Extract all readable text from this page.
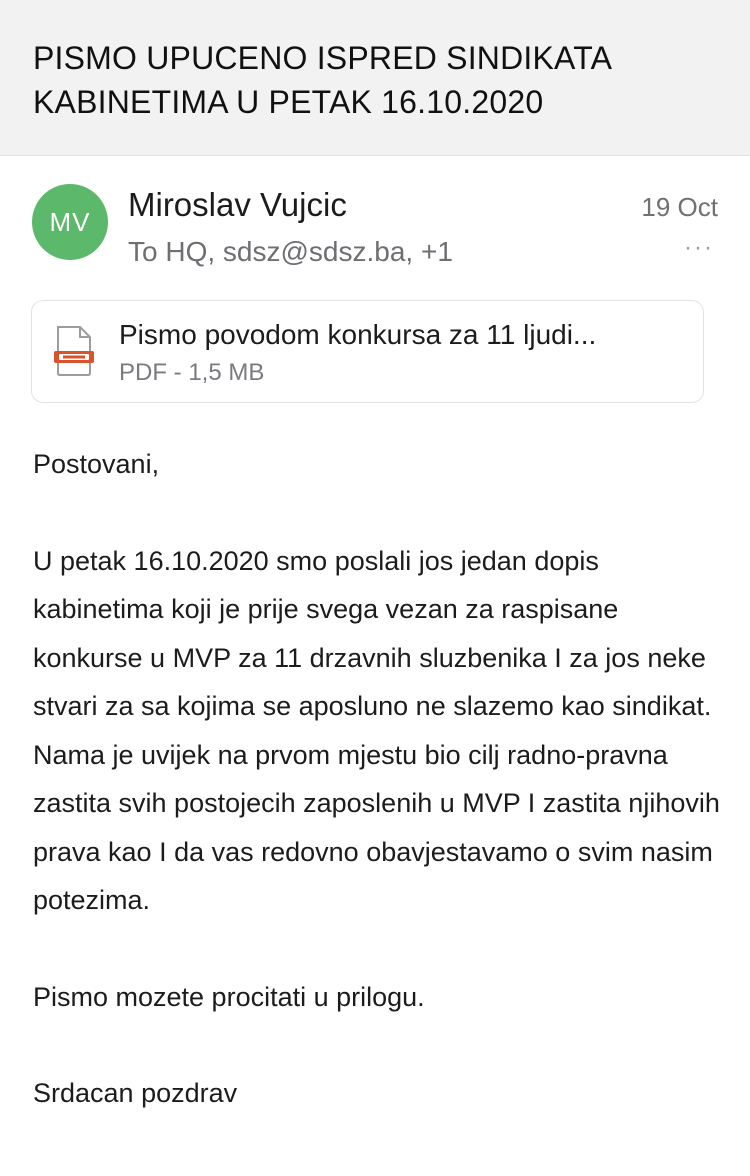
PISMO UPUCENO ISPRED SINDIKATA KABINETIMA U PETAK 16.10.2020
MV	Miroslav Vujcic
To HQ, sdsz@sdsz.ba, +1
19 Oct
···
Pismo povodom konkursa za 11 ljudi...
PDF - 1,5 MB

Postovani,

U petak 16.10.2020 smo poslali jos jedan dopis kabinetima koji je prije svega vezan za raspisane konkurse u MVP za 11 drzavnih sluzbenika I za jos neke stvari za sa kojima se aposluno ne slazemo kao sindikat. Nama je uvijek na prvom mjestu bio cilj radno-pravna zastita svih postojecih zaposlenih u MVP I zastita njihovih prava kao I da vas redovno obavjestavamo o svim nasim potezima.

Pismo mozete procitati u prilogu.

Srdacan pozdrav
